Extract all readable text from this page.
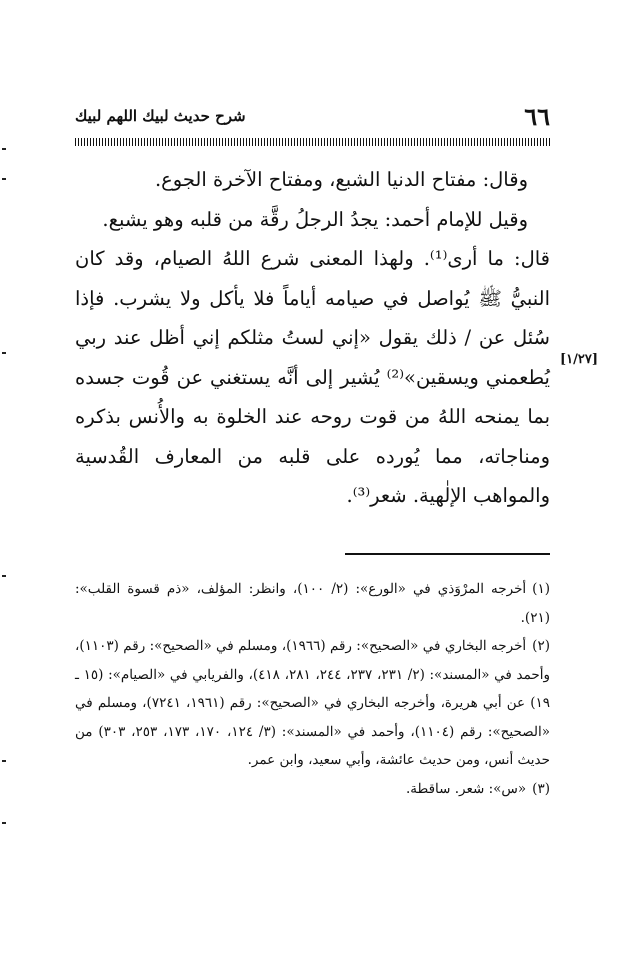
٦٦
شرح حديث لبيك اللهم لبيك
[١/٢٧]

وقال: مفتاح الدنيا الشبع، ومفتاح الآخرة الجوع.

وقيل للإمام أحمد: يجدُ الرجلُ رقَّة من قلبه وهو يشبع.

قال: ما أرى⁽¹⁾. ولهذا المعنى شرع اللهُ الصيام، وقد كان النبيُّ ﷺ يُواصل في صيامه أياماً فلا يأكل ولا يشرب. فإذا سُئل عن / ذلك يقول «إني لستُ مثلكم إني أظل عند ربي يُطعمني ويسقين»⁽²⁾ يُشير إلى أنَّه يستغني عن قُوت جسده بما يمنحه اللهُ من قوت روحه عند الخلوة به والأُنس بذكره ومناجاته، مما يُورده على قلبه من المعارف القُدسية والمواهب الإلٰهية. شعر⁽³⁾.

(١)أخرجه المرْوَذي في «الورع»: (٢/ ١٠٠)، وانظر: المؤلف، «ذم قسوة القلب»: (٢١).

(٢)أخرجه البخاري في «الصحيح»: رقم (١٩٦٦)، ومسلم في «الصحيح»: رقم (١١٠٣)، وأحمد في «المسند»: (٢/ ٢٣١، ٢٣٧، ٢٤٤، ٢٨١، ٤١٨)، والفريابي في «الصيام»: (١٥ ـ ١٩) عن أبي هريرة، وأخرجه البخاري في «الصحيح»: رقم (١٩٦١، ٧٢٤١)، ومسلم في «الصحيح»: رقم (١١٠٤)، وأحمد في «المسند»: (٣/ ١٢٤، ١٧٠، ١٧٣، ٢٥٣، ٣٠٣) من حديث أنس، ومن حديث عائشة، وأبي سعيد، وابن عمر.

(٣)«س»: شعر. ساقطة.
